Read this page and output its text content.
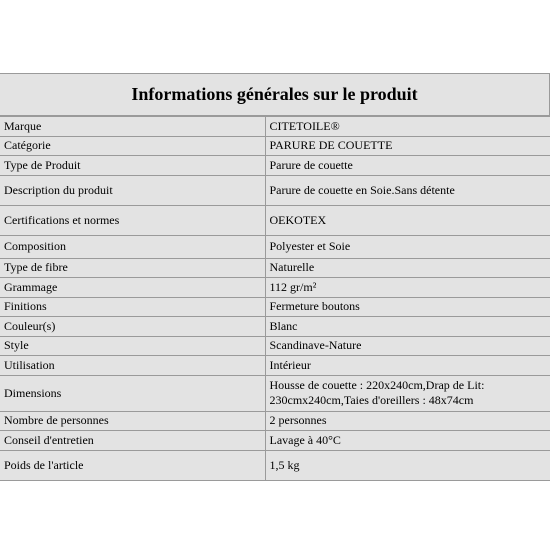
Informations générales sur le produit
Marque	CITETOILE®
Catégorie	PARURE DE COUETTE
Type de Produit	Parure de couette
Description du produit	Parure de couette en Soie.Sans détente
Certifications et normes	OEKOTEX
Composition	Polyester et Soie
Type de fibre	Naturelle
Grammage	112 gr/m²
Finitions	Fermeture boutons
Couleur(s)	Blanc
Style	Scandinave-Nature
Utilisation	Intérieur
Dimensions	Housse de couette : 220x240cm,Drap de Lit: 230cmx240cm,Taies d'oreillers : 48x74cm
Nombre de personnes	2 personnes
Conseil d'entretien	Lavage à 40°C
Poids de l'article	1,5 kg
